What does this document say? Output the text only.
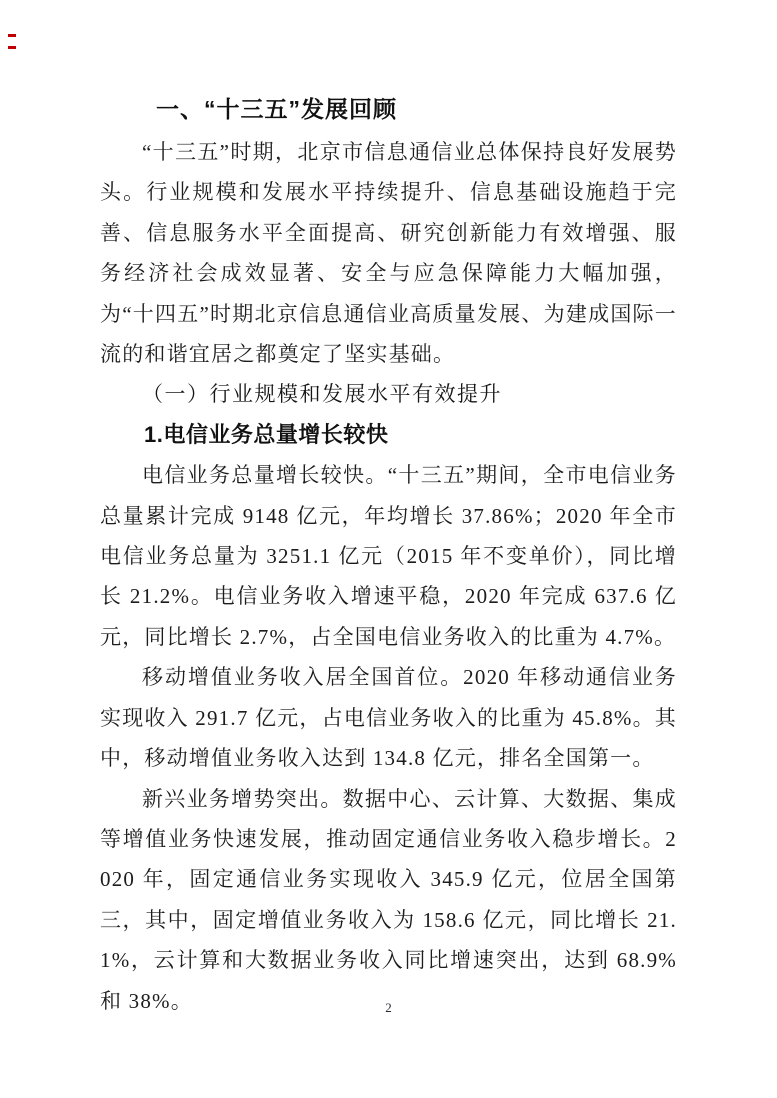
一、“十三五”发展回顾

“十三五”时期，北京市信息通信业总体保持良好发展势头。行业规模和发展水平持续提升、信息基础设施趋于完善、信息服务水平全面提高、研究创新能力有效增强、服务经济社会成效显著、安全与应急保障能力大幅加强，为“十四五”时期北京信息通信业高质量发展、为建成国际一流的和谐宜居之都奠定了坚实基础。

（一）行业规模和发展水平有效提升
1.电信业务总量增长较快

电信业务总量增长较快。“十三五”期间，全市电信业务总量累计完成 9148 亿元，年均增长 37.86%；2020 年全市电信业务总量为 3251.1 亿元（2015 年不变单价），同比增长 21.2%。电信业务收入增速平稳，2020 年完成 637.6 亿元，同比增长 2.7%，占全国电信业务收入的比重为 4.7%。

移动增值业务收入居全国首位。2020 年移动通信业务实现收入 291.7 亿元，占电信业务收入的比重为 45.8%。其中，移动增值业务收入达到 134.8 亿元，排名全国第一。

新兴业务增势突出。数据中心、云计算、大数据、集成等增值业务快速发展，推动固定通信业务收入稳步增长。2020 年，固定通信业务实现收入 345.9 亿元，位居全国第三，其中，固定增值业务收入为 158.6 亿元，同比增长 21.1%，云计算和大数据业务收入同比增速突出，达到 68.9%和 38%。	2
